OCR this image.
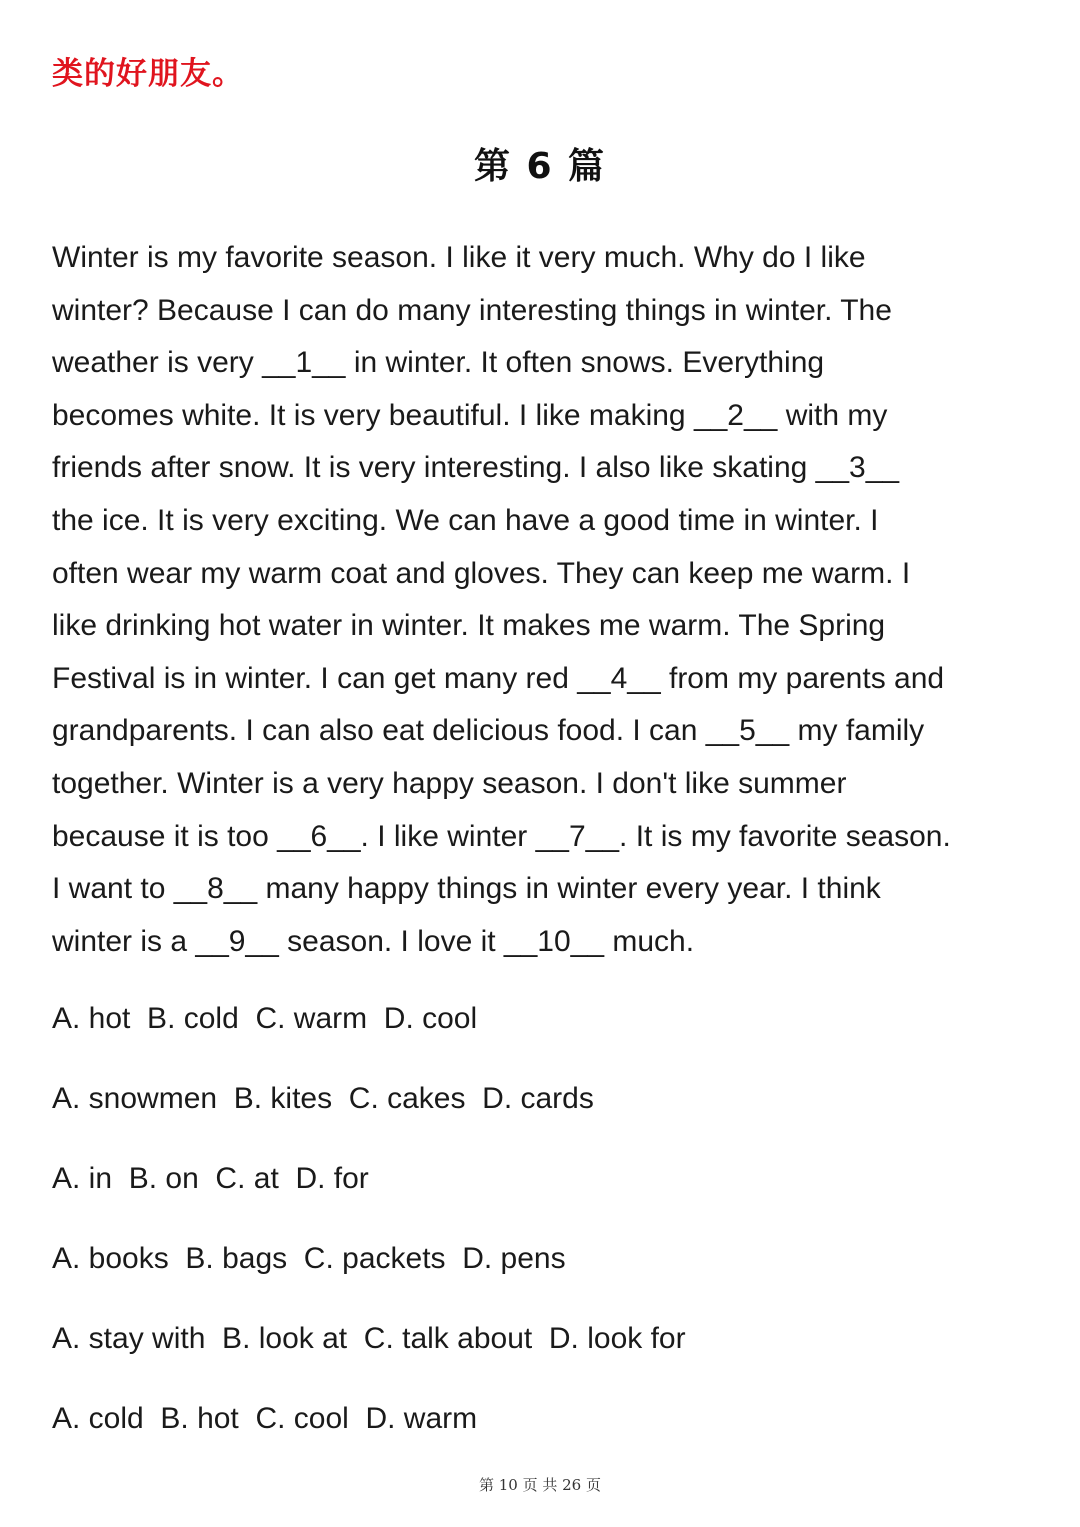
类的好朋友。
第 6 篇
Winter is my favorite season. I like it very much. Why do I like
winter? Because I can do many interesting things in winter. The
weather is very __1__ in winter. It often snows. Everything
becomes white. It is very beautiful. I like making __2__ with my
friends after snow. It is very interesting. I also like skating __3__
the ice. It is very exciting. We can have a good time in winter. I
often wear my warm coat and gloves. They can keep me warm. I
like drinking hot water in winter. It makes me warm. The Spring
Festival is in winter. I can get many red __4__ from my parents and
grandparents. I can also eat delicious food. I can __5__ my family
together. Winter is a very happy season. I don't like summer
because it is too __6__. I like winter __7__. It is my favorite season.
I want to __8__ many happy things in winter every year. I think
winter is a __9__ season. I love it __10__ much.
A. hot  B. cold  C. warm  D. cool
A. snowmen  B. kites  C. cakes  D. cards
A. in  B. on  C. at  D. for
A. books  B. bags  C. packets  D. pens
A. stay with  B. look at  C. talk about  D. look for
A. cold  B. hot  C. cool  D. warm
第 10 页 共 26 页
